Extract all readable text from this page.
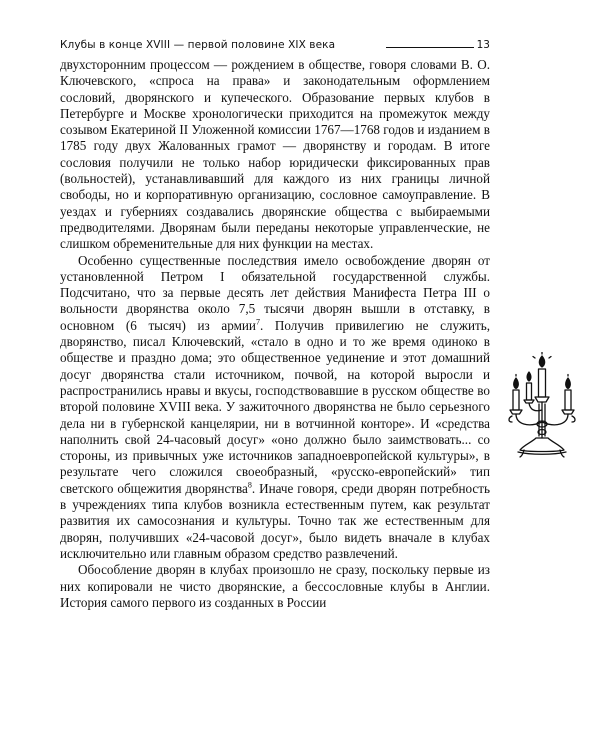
Клубы в конце XVIII — первой половине XIX века	13

двухсторонним процессом — рождением в обществе, говоря словами В. О. Ключевского, «спроса на права» и законодательным оформлением сословий, дворянского и купеческого. Образование первых клубов в Петербурге и Москве хронологически приходится на промежуток между созывом Екатериной II Уложенной комиссии 1767—1768 годов и изданием в 1785 году двух Жалованных грамот — дворянству и городам. В итоге сословия получили не только набор юридически фиксированных прав (вольностей), устанавливавший для каждого из них границы личной свободы, но и корпоративную организацию, сословное самоуправление. В уездах и губерниях создавались дворянские общества с выбираемыми предводителями. Дворянам были переданы некоторые управленческие, не слишком обременительные для них функции на местах.

Особенно существенные последствия имело освобождение дворян от установленной Петром I обязательной государственной службы. Подсчитано, что за первые десять лет действия Манифеста Петра III о вольности дворянства около 7,5 тысячи дворян вышли в отставку, в основном (6 тысяч) из армии$^7$. Получив привилегию не служить, дворянство, писал Ключевский, «стало в одно и то же время одиноко в обществе и праздно дома; это общественное уединение и этот домашний досуг дворянства стали источником, почвой, на которой выросли и распространились нравы и вкусы, господствовавшие в русском обществе во второй половине XVIII века. У зажиточного дворянства не было серьезного дела ни в губернской канцелярии, ни в вотчинной конторе». И «средства наполнить свой 24-часовый досуг» «оно должно было заимствовать... со стороны, из привычных уже источников западноевропейской культуры», в результате чего сложился своеобразный, «русско-европейский» тип светского общежития дворянства$^8$. Иначе говоря, среди дворян потребность в учреждениях типа клубов возникла естественным путем, как результат развития их самосознания и культуры. Точно так же естественным для дворян, получивших «24-часовой досуг», было видеть вначале в клубах исключительно или главным образом средство развлечений.

Обособление дворян в клубах произошло не сразу, поскольку первые из них копировали не чисто дворянские, а бессословные клубы в Англии. История самого первого из созданных в России
